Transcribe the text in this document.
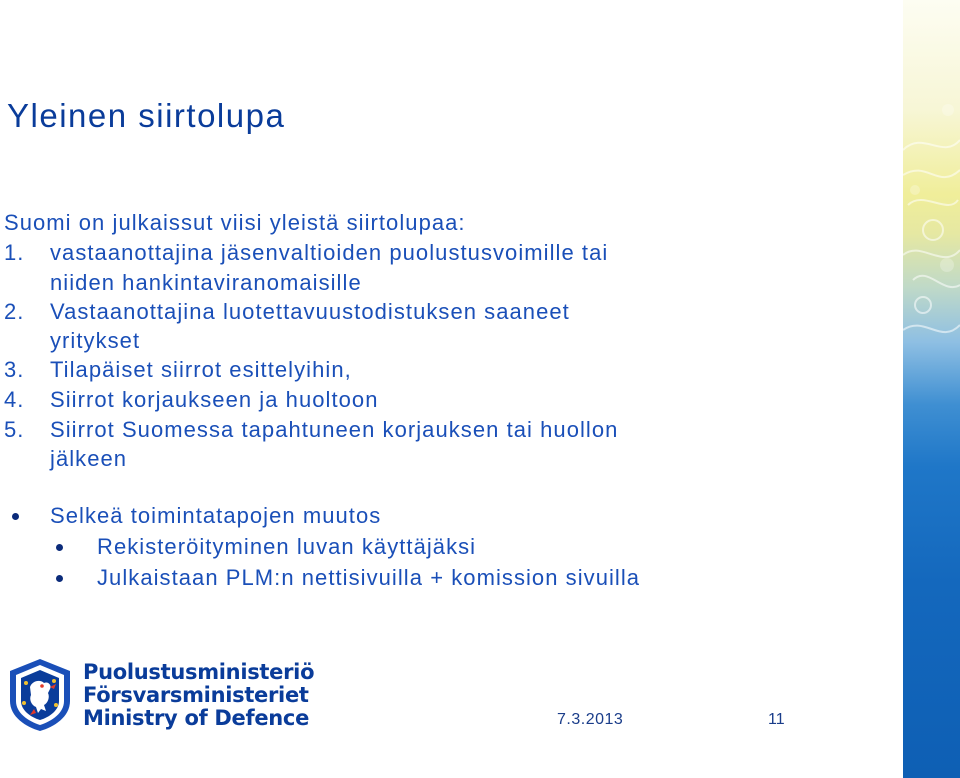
Yleinen siirtolupa
Suomi on julkaissut viisi yleistä siirtolupaa:
1. vastaanottajina jäsenvaltioiden puolustusvoimille tai
niiden hankintaviranomaisille
2. Vastaanottajina luotettavuustodistuksen saaneet
yritykset
3. Tilapäiset siirrot esittelyihin,
4. Siirrot korjaukseen ja huoltoon
5. Siirrot Suomessa tapahtuneen korjauksen tai huollon
jälkeen
Selkeä toimintatapojen muutos
Rekisteröityminen luvan käyttäjäksi
Julkaistaan PLM:n nettisivuilla + komission sivuilla
Puolustusministeriö
Försvarsministeriet
Ministry of Defence	7.3.2013	11
